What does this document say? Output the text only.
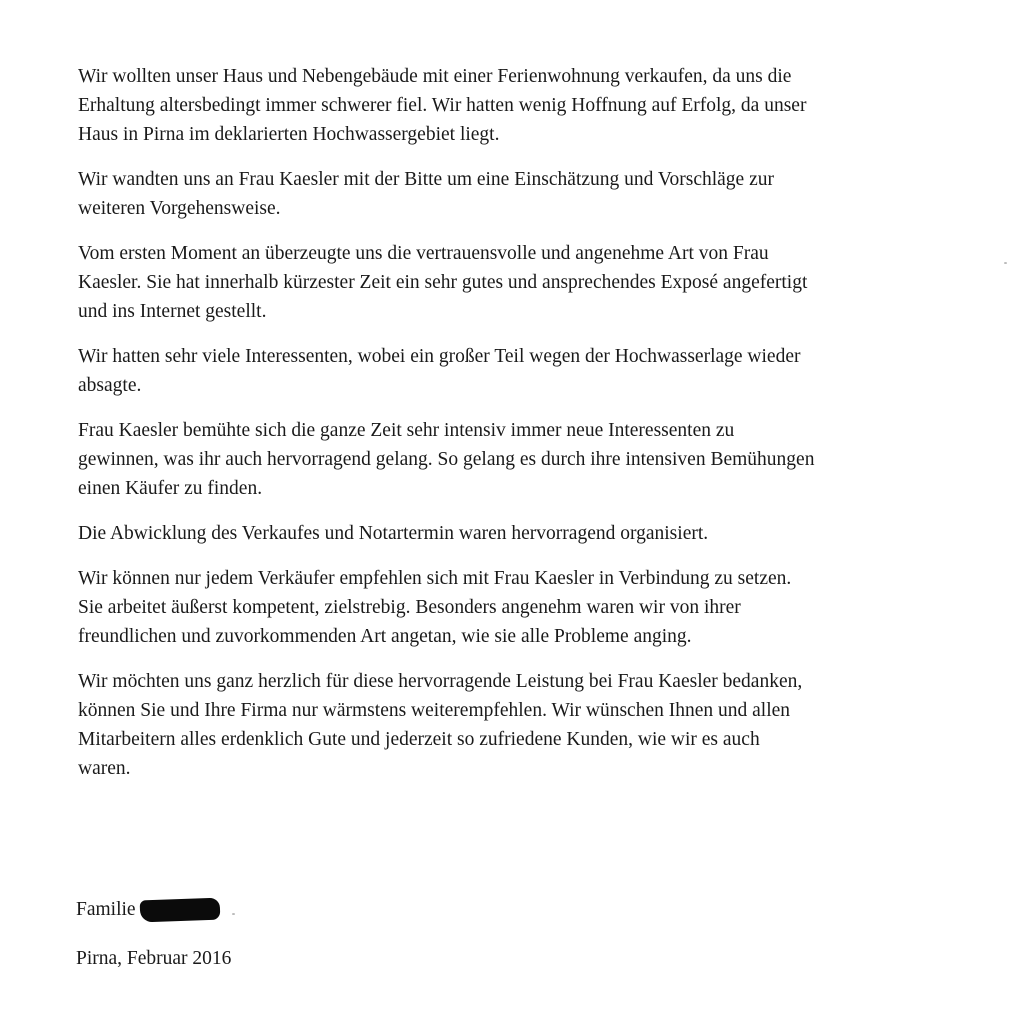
Wir wollten unser Haus und Nebengebäude mit einer Ferienwohnung verkaufen, da uns die
Erhaltung altersbedingt immer schwerer fiel. Wir hatten wenig Hoffnung auf Erfolg, da unser
Haus in Pirna im deklarierten Hochwassergebiet liegt.

Wir wandten uns an Frau Kaesler mit der Bitte um eine Einschätzung und Vorschläge zur
weiteren Vorgehensweise.

Vom ersten Moment an überzeugte uns die vertrauensvolle und angenehme Art von Frau
Kaesler. Sie hat innerhalb kürzester Zeit ein sehr gutes und ansprechendes Exposé angefertigt
und ins Internet gestellt.

Wir hatten sehr viele Interessenten, wobei ein großer Teil wegen der Hochwasserlage wieder
absagte.

Frau Kaesler bemühte sich die ganze Zeit sehr intensiv immer neue Interessenten zu
gewinnen, was ihr auch hervorragend gelang. So gelang es durch ihre intensiven Bemühungen
einen Käufer zu finden.

Die Abwicklung des Verkaufes und Notartermin waren hervorragend organisiert.

Wir können nur jedem Verkäufer empfehlen sich mit Frau Kaesler in Verbindung zu setzen.
Sie arbeitet äußerst kompetent, zielstrebig. Besonders angenehm waren wir von ihrer
freundlichen und zuvorkommenden Art angetan, wie sie alle Probleme anging.

Wir möchten uns ganz herzlich für diese hervorragende Leistung bei Frau Kaesler bedanken,
können Sie und Ihre Firma nur wärmstens weiterempfehlen. Wir wünschen Ihnen und allen
Mitarbeitern alles erdenklich Gute und jederzeit so zufriedene Kunden, wie wir es auch
waren.

Familie
Pirna, Februar 2016
